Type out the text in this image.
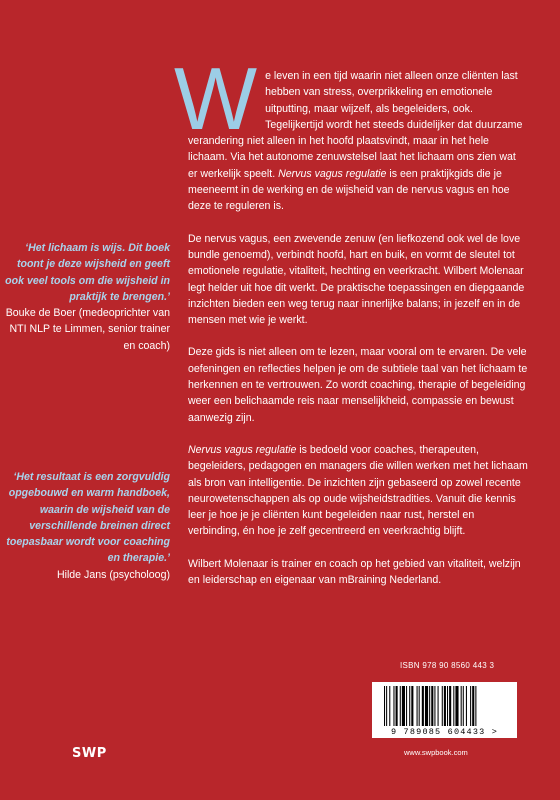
We leven in een tijd waarin niet alleen onze cliënten last hebben van stress, overprikkeling en emotionele uitputting, maar wijzelf, als begeleiders, ook. Tegelijkertijd wordt het steeds duidelijker dat duurzame verandering niet alleen in het hoofd plaatsvindt, maar in het hele lichaam. Via het autonome zenuwstelsel laat het lichaam ons zien wat er werkelijk speelt. Nervus vagus regulatie is een praktijkgids die je meeneemt in de werking en de wijsheid van de nervus vagus en hoe deze te reguleren is.

De nervus vagus, een zwevende zenuw (en liefkozend ook wel de love bundle genoemd), verbindt hoofd, hart en buik, en vormt de sleutel tot emotionele regulatie, vitaliteit, hechting en veerkracht. Wilbert Molenaar legt helder uit hoe dit werkt. De praktische toepassingen en diepgaande inzichten bieden een weg terug naar innerlijke balans; in jezelf en in de mensen met wie je werkt.

Deze gids is niet alleen om te lezen, maar vooral om te ervaren. De vele oefeningen en reflecties helpen je om de subtiele taal van het lichaam te herkennen en te vertrouwen. Zo wordt coaching, therapie of begeleiding weer een belichaamde reis naar menselijkheid, compassie en bewust aanwezig zijn.

Nervus vagus regulatie is bedoeld voor coaches, therapeuten, begeleiders, pedagogen en managers die willen werken met het lichaam als bron van intelligentie. De inzichten zijn gebaseerd op zowel recente neurowetenschappen als op oude wijsheidstradities. Vanuit die kennis leer je hoe je je cliënten kunt begeleiden naar rust, herstel en verbinding, én hoe je zelf gecentreerd en veerkrachtig blijft.

Wilbert Molenaar is trainer en coach op het gebied van vitaliteit, welzijn en leiderschap en eigenaar van mBraining Nederland.

‘Het lichaam is wijs. Dit boek toont je deze wijsheid en geeft ook veel tools om die wijsheid in praktijk te brengen.’
Bouke de Boer (medeoprichter van NTI NLP te Limmen, senior trainer en coach)
‘Het resultaat is een zorgvuldig opgebouwd en warm handboek, waarin de wijsheid van de verschillende breinen direct toepasbaar wordt voor coaching en therapie.’
Hilde Jans (psycholoog)
ISBN 978 90 8560 443 3
9 789085 604433 >
www.swpbook.com
SWP
